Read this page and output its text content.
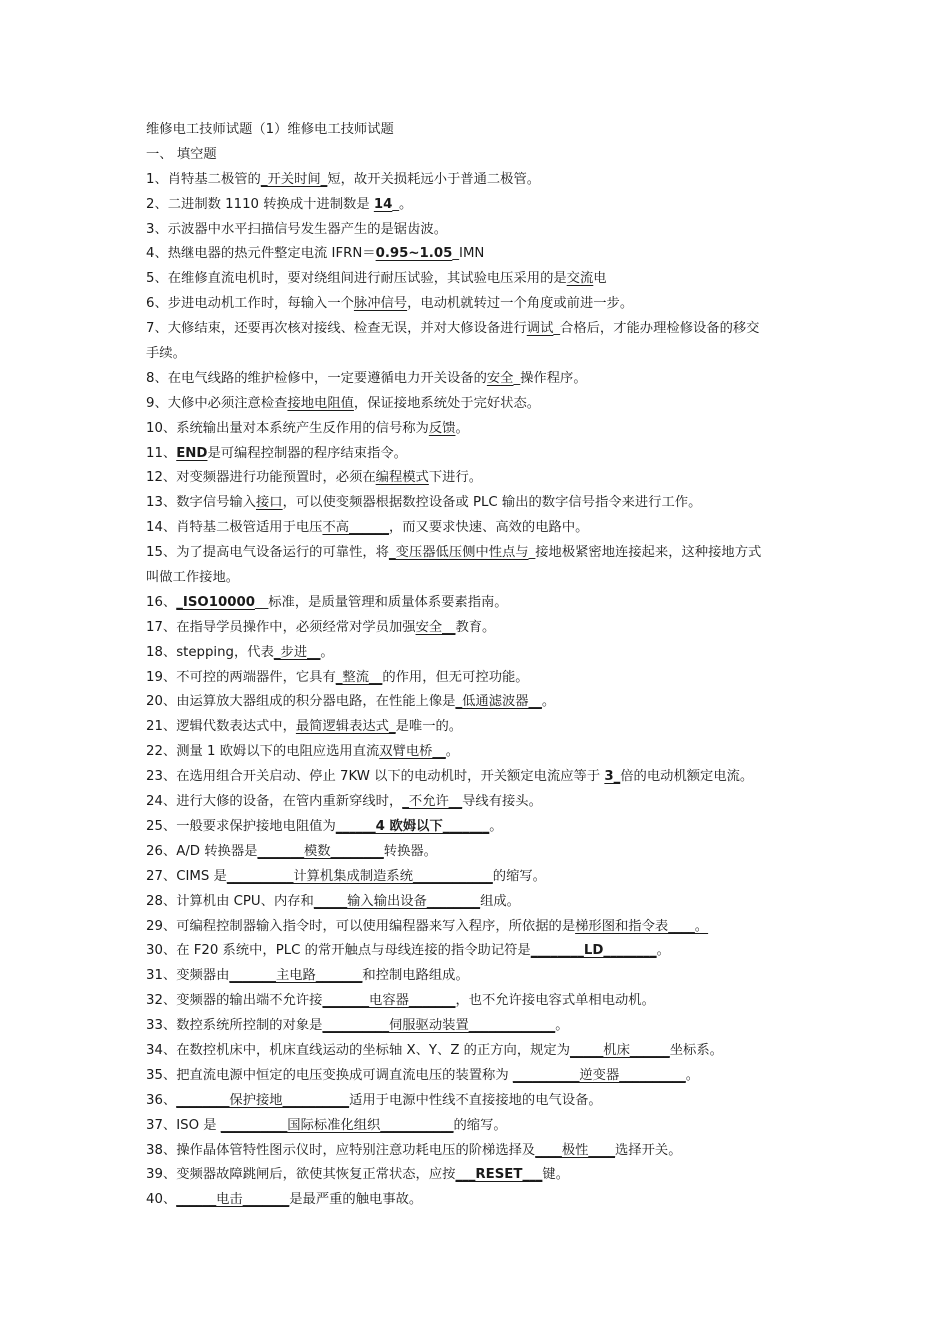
维修电工技师试题（1）维修电工技师试题
一、 填空题
1、肖特基二极管的_开关时间_短，故开关损耗远小于普通二极管。
2、二进制数 1110 转换成十进制数是 14_。
3、示波器中水平扫描信号发生器产生的是锯齿波。
4、热继电器的热元件整定电流 IFRN＝0.95~1.05_IMN
5、在维修直流电机时，要对绕组间进行耐压试验，其试验电压采用的是交流电
6、步进电动机工作时，每输入一个脉冲信号，电动机就转过一个角度或前进一步。
7、大修结束，还要再次核对接线、检查无误，并对大修设备进行调试_合格后，才能办理检修设备的移交
手续。
8、在电气线路的维护检修中，一定要遵循电力开关设备的安全_操作程序。
9、大修中必须注意检查接地电阻值，保证接地系统处于完好状态。
10、系统输出量对本系统产生反作用的信号称为反馈。
11、END是可编程控制器的程序结束指令。
12、对变频器进行功能预置时，必须在编程模式下进行。
13、数字信号输入接口，可以使变频器根据数控设备或 PLC 输出的数字信号指令来进行工作。
14、肖特基二极管适用于电压不高______，而又要求快速、高效的电路中。
15、为了提高电气设备运行的可靠性，将_变压器低压侧中性点与_接地极紧密地连接起来，这种接地方式
叫做工作接地。
16、_ISO10000__标准，是质量管理和质量体系要素指南。
17、在指导学员操作中，必须经常对学员加强安全__教育。
18、stepping，代表_步进__。
19、不可控的两端器件，它具有_整流__的作用，但无可控功能。
20、由运算放大器组成的积分器电路，在性能上像是_低通滤波器__。
21、逻辑代数表达式中，最简逻辑表达式_是唯一的。
22、测量 1 欧姆以下的电阻应选用直流双臂电桥__。
23、在选用组合开关启动、停止 7KW 以下的电动机时，开关额定电流应等于 3_倍的电动机额定电流。
24、进行大修的设备，在管内重新穿线时，_不允许__导线有接头。
25、一般要求保护接地电阻值为______4 欧姆以下_______。
26、A/D 转换器是_______模数________转换器。
27、CIMS 是__________计算机集成制造系统____________的缩写。
28、计算机由 CPU、内存和_____输入输出设备________组成。
29、可编程控制器输入指令时，可以使用编程器来写入程序，所依据的是梯形图和指令表____。
30、在 F20 系统中，PLC 的常开触点与母线连接的指令助记符是________LD________。
31、变频器由_______主电路_______和控制电路组成。
32、变频器的输出端不允许接_______电容器_______，也不允许接电容式单相电动机。
33、数控系统所控制的对象是__________伺服驱动装置_____________。
34、在数控机床中，机床直线运动的坐标轴 X、Y、Z 的正方向，规定为_____机床______坐标系。
35、把直流电源中恒定的电压变换成可调直流电压的装置称为 __________逆变器__________。
36、________保护接地__________适用于电源中性线不直接接地的电气设备。
37、ISO 是 __________国际标准化组织___________的缩写。
38、操作晶体管特性图示仪时，应特别注意功耗电压的阶梯选择及____极性____选择开关。
39、变频器故障跳闸后，欲使其恢复正常状态，应按___RESET___键。
40、______电击_______是最严重的触电事故。
